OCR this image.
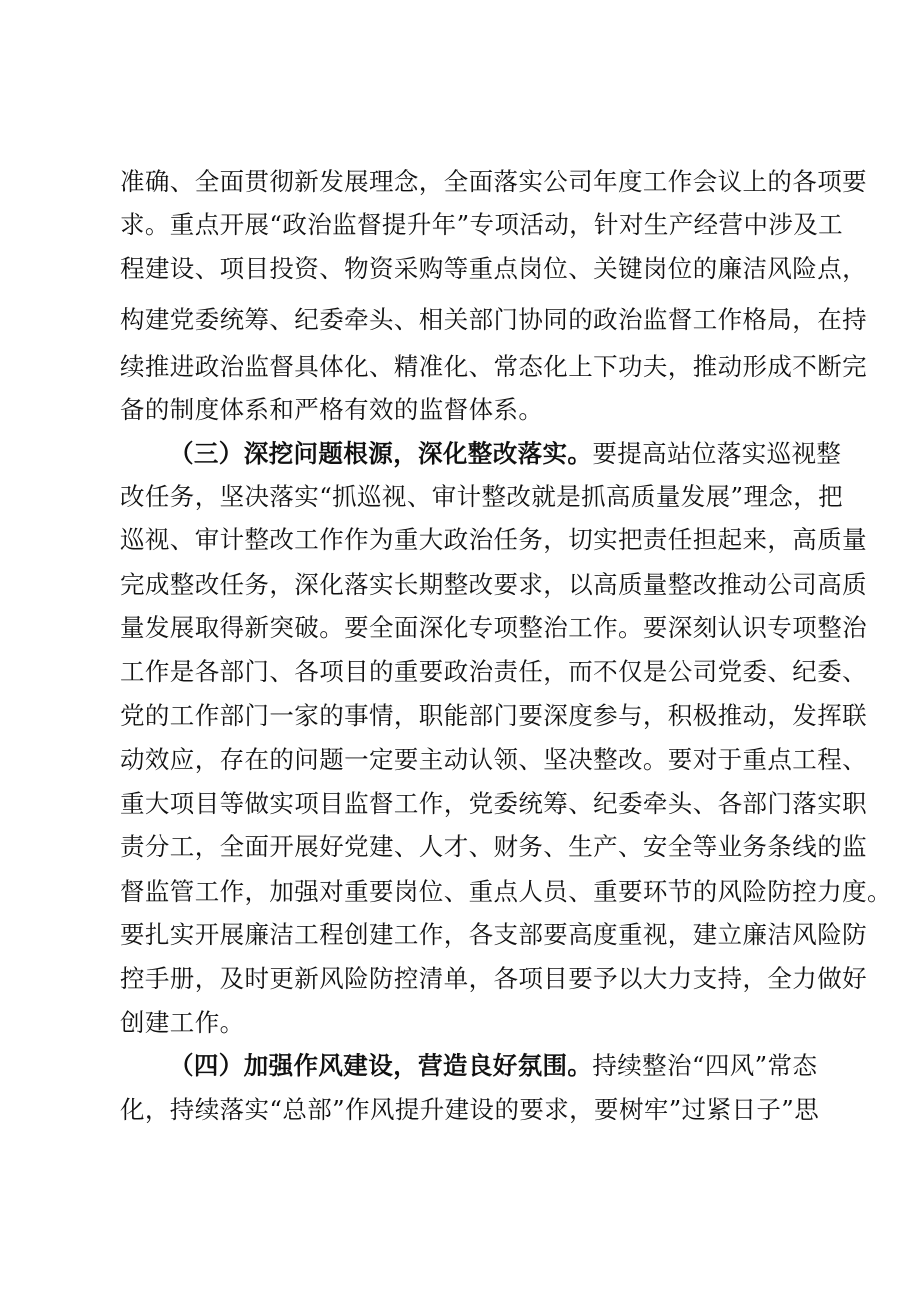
准确、全面贯彻新发展理念，全面落实公司年度工作会议上的各项要
求。重点开展“政治监督提升年”专项活动，针对生产经营中涉及工
程建设、项目投资、物资采购等重点岗位、关键岗位的廉洁风险点，
构建党委统筹、纪委牵头、相关部门协同的政治监督工作格局，在持
续推进政治监督具体化、精准化、常态化上下功夫，推动形成不断完
备的制度体系和严格有效的监督体系。
（三）深挖问题根源，深化整改落实。要提高站位落实巡视整
改任务，坚决落实“抓巡视、审计整改就是抓高质量发展”理念，把
巡视、审计整改工作作为重大政治任务，切实把责任担起来，高质量
完成整改任务，深化落实长期整改要求，以高质量整改推动公司高质
量发展取得新突破。要全面深化专项整治工作。要深刻认识专项整治
工作是各部门、各项目的重要政治责任，而不仅是公司党委、纪委、
党的工作部门一家的事情，职能部门要深度参与，积极推动，发挥联
动效应，存在的问题一定要主动认领、坚决整改。要对于重点工程、
重大项目等做实项目监督工作，党委统筹、纪委牵头、各部门落实职
责分工，全面开展好党建、人才、财务、生产、安全等业务条线的监
督监管工作，加强对重要岗位、重点人员、重要环节的风险防控力度。
要扎实开展廉洁工程创建工作，各支部要高度重视，建立廉洁风险防
控手册，及时更新风险防控清单，各项目要予以大力支持，全力做好
创建工作。
（四）加强作风建设，营造良好氛围。持续整治“四风”常态
化，持续落实“总部”作风提升建设的要求，要树牢”过紧日子”思
